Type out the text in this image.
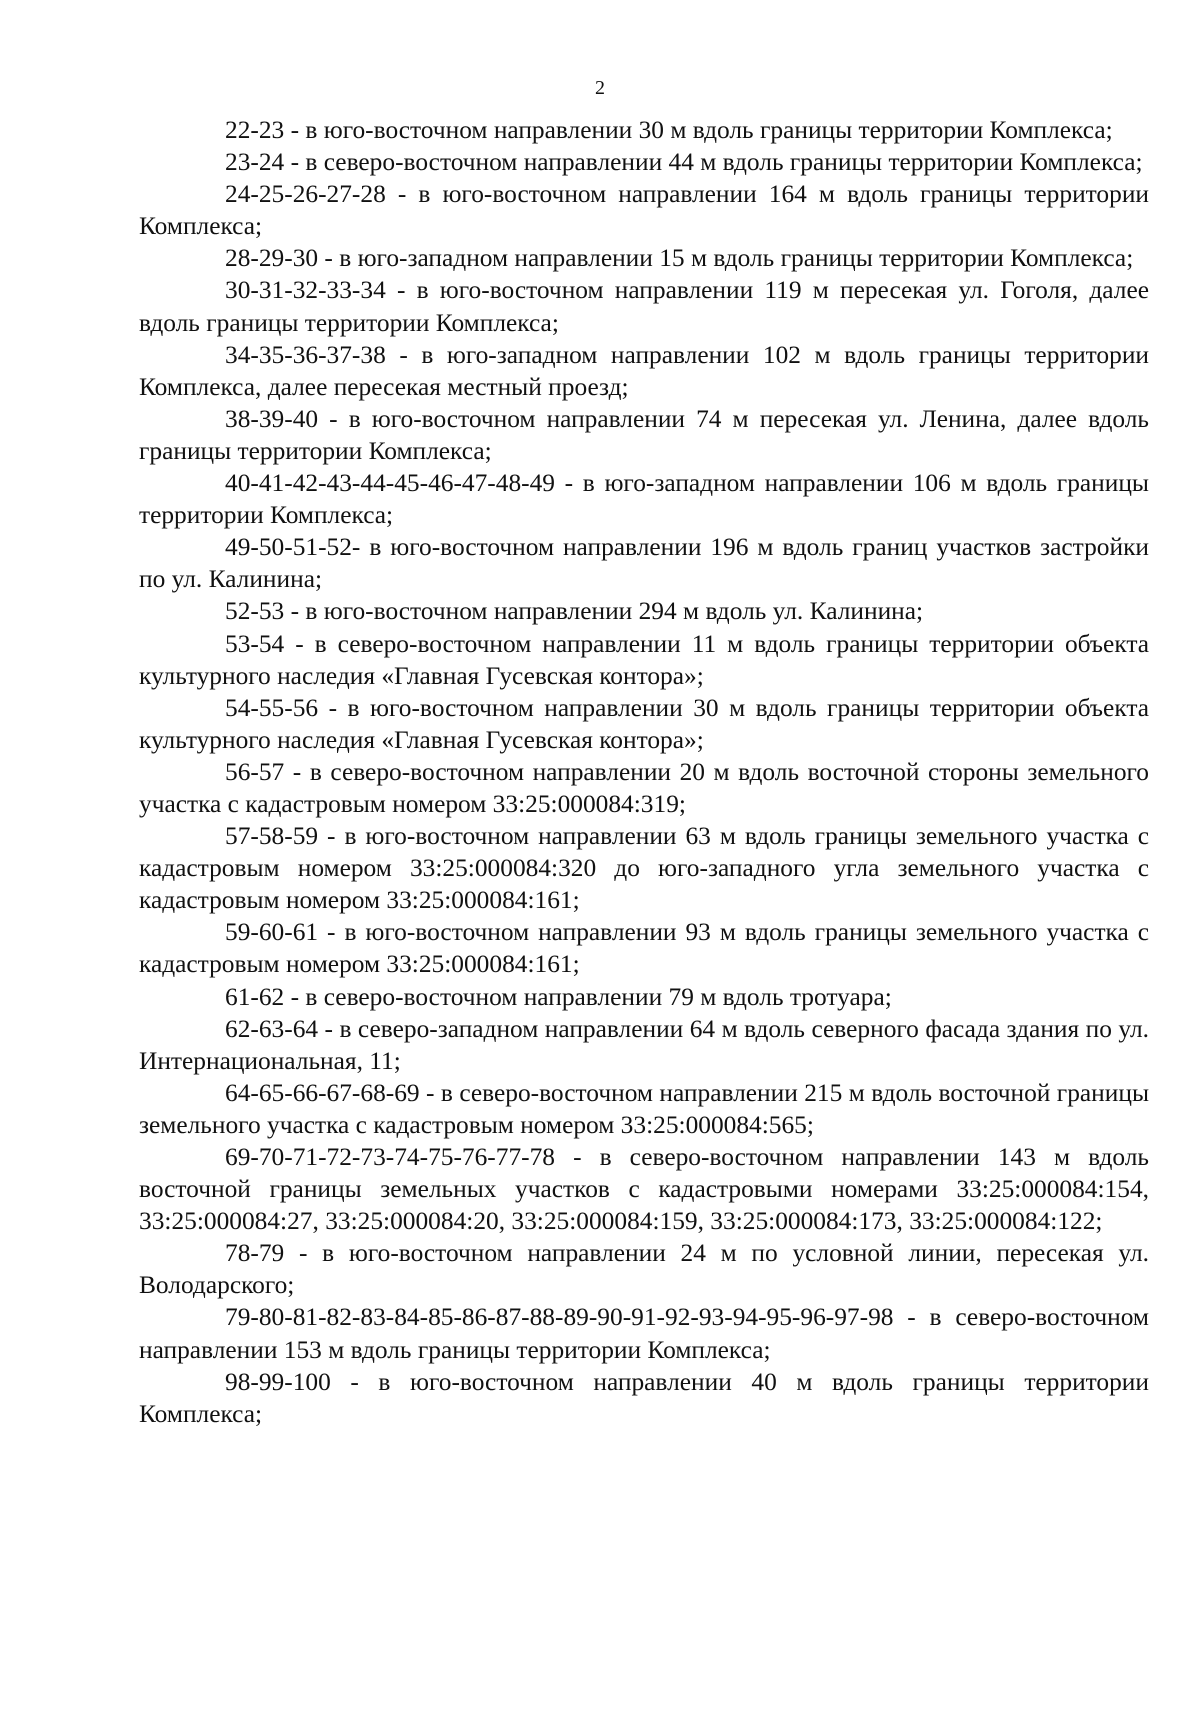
2

22-23 - в юго-восточном направлении 30 м вдоль границы территории Комплекса;

23-24 - в северо-восточном направлении 44 м вдоль границы территории Комплекса;

24-25-26-27-28 - в юго-восточном направлении 164 м вдоль границы территории Комплекса;

28-29-30 - в юго-западном направлении 15 м вдоль границы территории Комплекса;

30-31-32-33-34 - в юго-восточном направлении 119 м пересекая ул. Гоголя, далее вдоль границы территории Комплекса;

34-35-36-37-38 - в юго-западном направлении 102 м вдоль границы территории Комплекса, далее пересекая местный проезд;

38-39-40 - в юго-восточном направлении 74 м пересекая ул. Ленина, далее вдоль границы территории Комплекса;

40-41-42-43-44-45-46-47-48-49 - в юго-западном направлении 106 м вдоль границы территории Комплекса;

49-50-51-52- в юго-восточном направлении 196 м вдоль границ участков застройки по ул. Калинина;

52-53 - в юго-восточном направлении 294 м вдоль ул. Калинина;

53-54 - в северо-восточном направлении 11 м вдоль границы территории объекта культурного наследия «Главная Гусевская контора»;

54-55-56 - в юго-восточном направлении 30 м вдоль границы территории объекта культурного наследия «Главная Гусевская контора»;

56-57 - в северо-восточном направлении 20 м вдоль восточной стороны земельного участка с кадастровым номером 33:25:000084:319;

57-58-59 - в юго-восточном направлении 63 м вдоль границы земельного участка с кадастровым номером 33:25:000084:320 до юго-западного угла земельного участка с кадастровым номером 33:25:000084:161;

59-60-61 - в юго-восточном направлении 93 м вдоль границы земельного участка с кадастровым номером 33:25:000084:161;

61-62 - в северо-восточном направлении 79 м вдоль тротуара;

62-63-64 - в северо-западном направлении 64 м вдоль северного фасада здания по ул. Интернациональная, 11;

64-65-66-67-68-69 - в северо-восточном направлении 215 м вдоль восточной границы земельного участка с кадастровым номером 33:25:000084:565;

69-70-71-72-73-74-75-76-77-78 - в северо-восточном направлении 143 м вдоль восточной границы земельных участков с кадастровыми номерами 33:25:000084:154, 33:25:000084:27, 33:25:000084:20, 33:25:000084:159, 33:25:000084:173, 33:25:000084:122;

78-79 - в юго-восточном направлении 24 м по условной линии, пересекая ул. Володарского;

79-80-81-82-83-84-85-86-87-88-89-90-91-92-93-94-95-96-97-98 - в северо-восточном направлении 153 м вдоль границы территории Комплекса;

98-99-100 - в юго-восточном направлении 40 м вдоль границы территории Комплекса;
